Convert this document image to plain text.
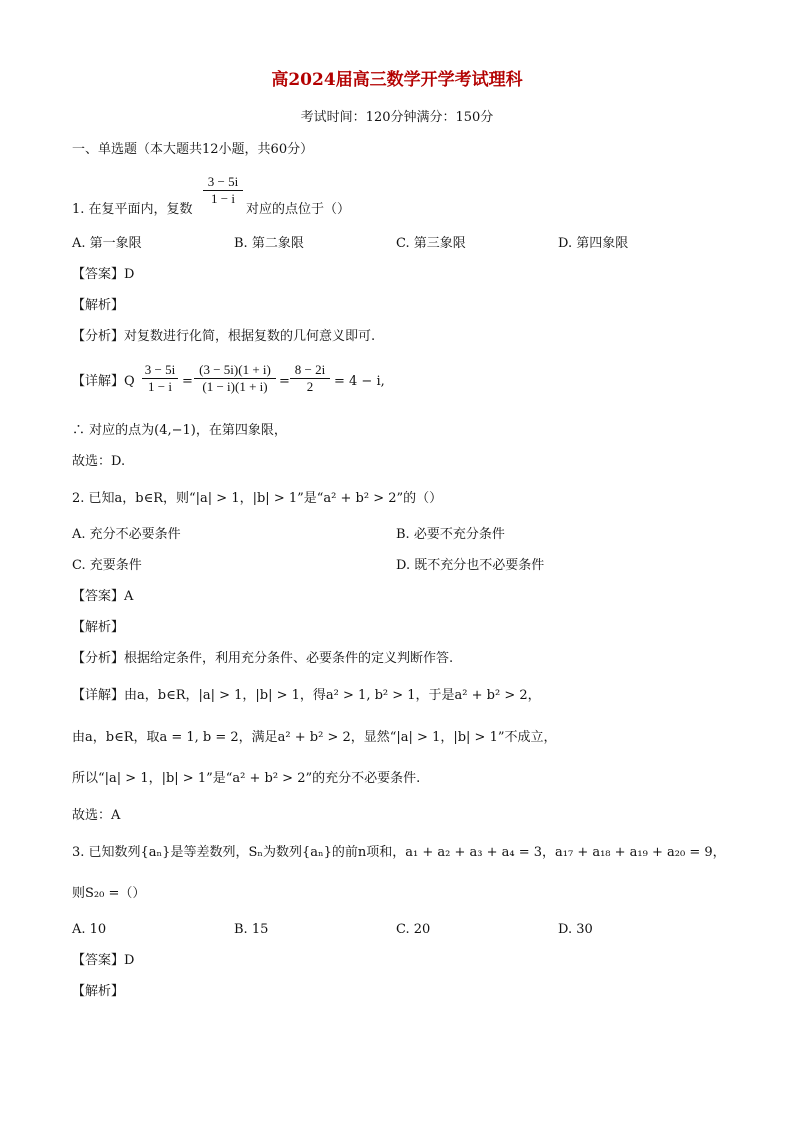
高2024届高三数学开学考试理科
考试时间：120分钟满分：150分
一、单选题（本大题共12小题，共60分）
$\frac{3 - 5i}{1 - i}$
1. 在复平面内，复数	对应的点位于（）
A. 第一象限	B. 第二象限	C. 第三象限	D. 第四象限
【答案】D
【解析】
【分析】对复数进行化简，根据复数的几何意义即可.
【详解】Q $\frac{3 - 5i}{1 - i} = \frac{(3 - 5i)(1 + i)}{(1 - i)(1 + i)} = \frac{8 - 2i}{2} = 4 - i$,
∴ 对应的点为(4,−1)，在第四象限，
故选：D.
2. 已知a，b∈R，则“|a| > 1，|b| > 1”是“a² + b² > 2”的（）
A. 充分不必要条件	B. 必要不充分条件
C. 充要条件	D. 既不充分也不必要条件
【答案】A
【解析】
【分析】根据给定条件，利用充分条件、必要条件的定义判断作答.
【详解】由a，b∈R，|a| > 1，|b| > 1，得a² > 1, b² > 1，于是a² + b² > 2，
由a，b∈R，取a = 1, b = 2，满足a² + b² > 2，显然“|a| > 1，|b| > 1”不成立，
所以“|a| > 1，|b| > 1”是“a² + b² > 2”的充分不必要条件.
故选：A
3. 已知数列{aₙ}是等差数列，Sₙ为数列{aₙ}的前n项和，a₁ + a₂ + a₃ + a₄ = 3，a₁₇ + a₁₈ + a₁₉ + a₂₀ = 9，
则S₂₀ =（）
A. 10	B. 15	C. 20	D. 30
【答案】D
【解析】
